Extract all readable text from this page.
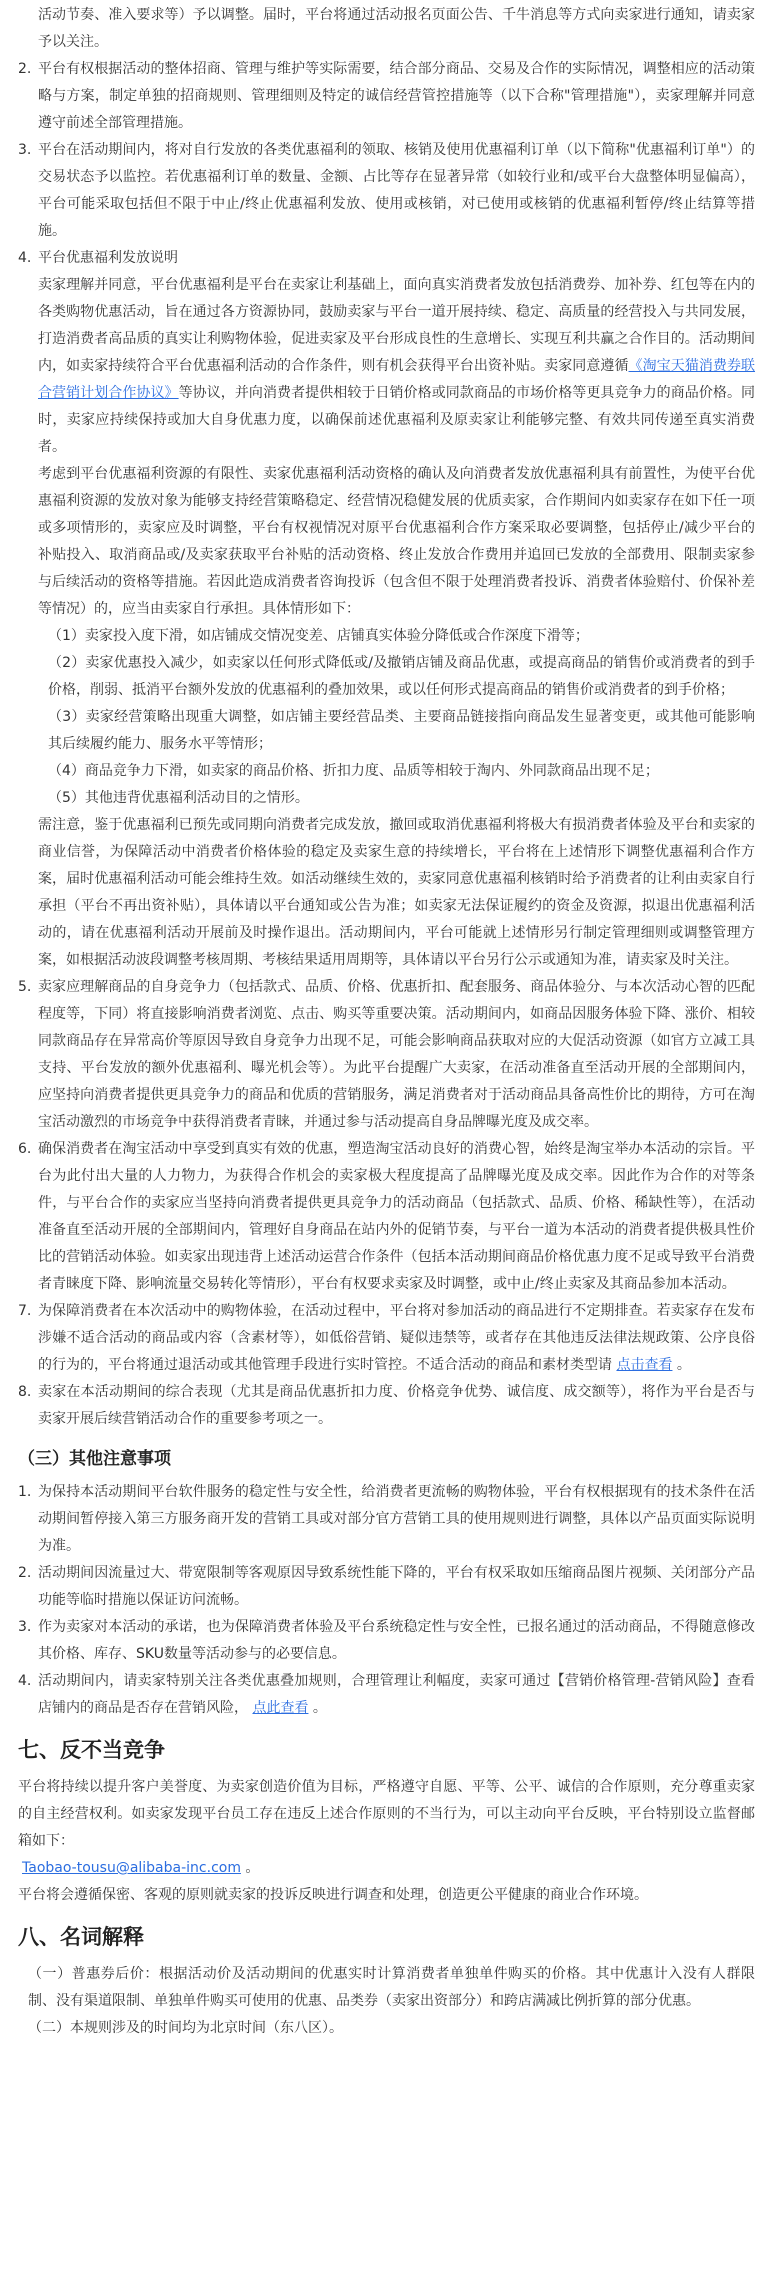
活动节奏、准入要求等）予以调整。届时，平台将通过活动报名页面公告、千牛消息等方式向卖家进行通知，请卖家予以关注。

2. 平台有权根据活动的整体招商、管理与维护等实际需要，结合部分商品、交易及合作的实际情况，调整相应的活动策略与方案，制定单独的招商规则、管理细则及特定的诚信经营管控措施等（以下合称"管理措施"），卖家理解并同意遵守前述全部管理措施。

3. 平台在活动期间内，将对自行发放的各类优惠福利的领取、核销及使用优惠福利订单（以下简称"优惠福利订单"）的交易状态予以监控。若优惠福利订单的数量、金额、占比等存在显著异常（如较行业和/或平台大盘整体明显偏高），平台可能采取包括但不限于中止/终止优惠福利发放、使用或核销，对已使用或核销的优惠福利暂停/终止结算等措施。

4. 平台优惠福利发放说明

卖家理解并同意，平台优惠福利是平台在卖家让利基础上，面向真实消费者发放包括消费券、加补券、红包等在内的各类购物优惠活动，旨在通过各方资源协同，鼓励卖家与平台一道开展持续、稳定、高质量的经营投入与共同发展，打造消费者高品质的真实让利购物体验，促进卖家及平台形成良性的生意增长、实现互利共赢之合作目的。活动期间内，如卖家持续符合平台优惠福利活动的合作条件，则有机会获得平台出资补贴。卖家同意遵循《淘宝天猫消费券联合营销计划合作协议》等协议，并向消费者提供相较于日销价格或同款商品的市场价格等更具竞争力的商品价格。同时，卖家应持续保持或加大自身优惠力度，以确保前述优惠福利及原卖家让利能够完整、有效共同传递至真实消费者。

考虑到平台优惠福利资源的有限性、卖家优惠福利活动资格的确认及向消费者发放优惠福利具有前置性，为使平台优惠福利资源的发放对象为能够支持经营策略稳定、经营情况稳健发展的优质卖家，合作期间内如卖家存在如下任一项或多项情形的，卖家应及时调整，平台有权视情况对原平台优惠福利合作方案采取必要调整，包括停止/减少平台的补贴投入、取消商品或/及卖家获取平台补贴的活动资格、终止发放合作费用并追回已发放的全部费用、限制卖家参与后续活动的资格等措施。若因此造成消费者咨询投诉（包含但不限于处理消费者投诉、消费者体验赔付、价保补差等情况）的，应当由卖家自行承担。具体情形如下：

（1）卖家投入度下滑，如店铺成交情况变差、店铺真实体验分降低或合作深度下滑等；

（2）卖家优惠投入减少，如卖家以任何形式降低或/及撤销店铺及商品优惠，或提高商品的销售价或消费者的到手价格，削弱、抵消平台额外发放的优惠福利的叠加效果，或以任何形式提高商品的销售价或消费者的到手价格；

（3）卖家经营策略出现重大调整，如店铺主要经营品类、主要商品链接指向商品发生显著变更，或其他可能影响其后续履约能力、服务水平等情形；

（4）商品竞争力下滑，如卖家的商品价格、折扣力度、品质等相较于淘内、外同款商品出现不足；

（5）其他违背优惠福利活动目的之情形。

需注意，鉴于优惠福利已预先或同期向消费者完成发放，撤回或取消优惠福利将极大有损消费者体验及平台和卖家的商业信誉，为保障活动中消费者价格体验的稳定及卖家生意的持续增长，平台将在上述情形下调整优惠福利合作方案，届时优惠福利活动可能会维持生效。如活动继续生效的，卖家同意优惠福利核销时给予消费者的让利由卖家自行承担（平台不再出资补贴），具体请以平台通知或公告为准；如卖家无法保证履约的资金及资源，拟退出优惠福利活动的，请在优惠福利活动开展前及时操作退出。活动期间内，平台可能就上述情形另行制定管理细则或调整管理方案，如根据活动波段调整考核周期、考核结果适用周期等，具体请以平台另行公示或通知为准，请卖家及时关注。

5. 卖家应理解商品的自身竞争力（包括款式、品质、价格、优惠折扣、配套服务、商品体验分、与本次活动心智的匹配程度等，下同）将直接影响消费者浏览、点击、购买等重要决策。活动期间内，如商品因服务体验下降、涨价、相较同款商品存在异常高价等原因导致自身竞争力出现不足，可能会影响商品获取对应的大促活动资源（如官方立减工具支持、平台发放的额外优惠福利、曝光机会等）。为此平台提醒广大卖家，在活动准备直至活动开展的全部期间内，应坚持向消费者提供更具竞争力的商品和优质的营销服务，满足消费者对于活动商品具备高性价比的期待，方可在淘宝活动激烈的市场竞争中获得消费者青睐，并通过参与活动提高自身品牌曝光度及成交率。

6. 确保消费者在淘宝活动中享受到真实有效的优惠，塑造淘宝活动良好的消费心智，始终是淘宝举办本活动的宗旨。平台为此付出大量的人力物力，为获得合作机会的卖家极大程度提高了品牌曝光度及成交率。因此作为合作的对等条件，与平台合作的卖家应当坚持向消费者提供更具竞争力的活动商品（包括款式、品质、价格、稀缺性等），在活动准备直至活动开展的全部期间内，管理好自身商品在站内外的促销节奏，与平台一道为本活动的消费者提供极具性价比的营销活动体验。如卖家出现违背上述活动运营合作条件（包括本活动期间商品价格优惠力度不足或导致平台消费者青睐度下降、影响流量交易转化等情形），平台有权要求卖家及时调整，或中止/终止卖家及其商品参加本活动。

7. 为保障消费者在本次活动中的购物体验，在活动过程中，平台将对参加活动的商品进行不定期排查。若卖家存在发布涉嫌不适合活动的商品或内容（含素材等），如低俗营销、疑似违禁等，或者存在其他违反法律法规政策、公序良俗的行为的，平台将通过退活动或其他管理手段进行实时管控。不适合活动的商品和素材类型请 点击查看 。

8. 卖家在本活动期间的综合表现（尤其是商品优惠折扣力度、价格竞争优势、诚信度、成交额等），将作为平台是否与卖家开展后续营销活动合作的重要参考项之一。

（三）其他注意事项
1. 为保持本活动期间平台软件服务的稳定性与安全性，给消费者更流畅的购物体验，平台有权根据现有的技术条件在活动期间暂停接入第三方服务商开发的营销工具或对部分官方营销工具的使用规则进行调整，具体以产品页面实际说明为准。

2. 活动期间因流量过大、带宽限制等客观原因导致系统性能下降的，平台有权采取如压缩商品图片视频、关闭部分产品功能等临时措施以保证访问流畅。

3. 作为卖家对本活动的承诺，也为保障消费者体验及平台系统稳定性与安全性，已报名通过的活动商品，不得随意修改其价格、库存、SKU数量等活动参与的必要信息。

4. 活动期间内，请卖家特别关注各类优惠叠加规则，合理管理让利幅度，卖家可通过【营销价格管理-营销风险】查看店铺内的商品是否存在营销风险， 点此查看 。

七、反不当竞争

平台将持续以提升客户美誉度、为卖家创造价值为目标，严格遵守自愿、平等、公平、诚信的合作原则，充分尊重卖家的自主经营权利。如卖家发现平台员工存在违反上述合作原则的不当行为，可以主动向平台反映，平台特别设立监督邮箱如下：

Taobao-tousu@alibaba-inc.com 。

平台将会遵循保密、客观的原则就卖家的投诉反映进行调查和处理，创造更公平健康的商业合作环境。

八、名词解释

（一）普惠券后价：根据活动价及活动期间的优惠实时计算消费者单独单件购买的价格。其中优惠计入没有人群限制、没有渠道限制、单独单件购买可使用的优惠、品类券（卖家出资部分）和跨店满减比例折算的部分优惠。

（二）本规则涉及的时间均为北京时间（东八区）。
